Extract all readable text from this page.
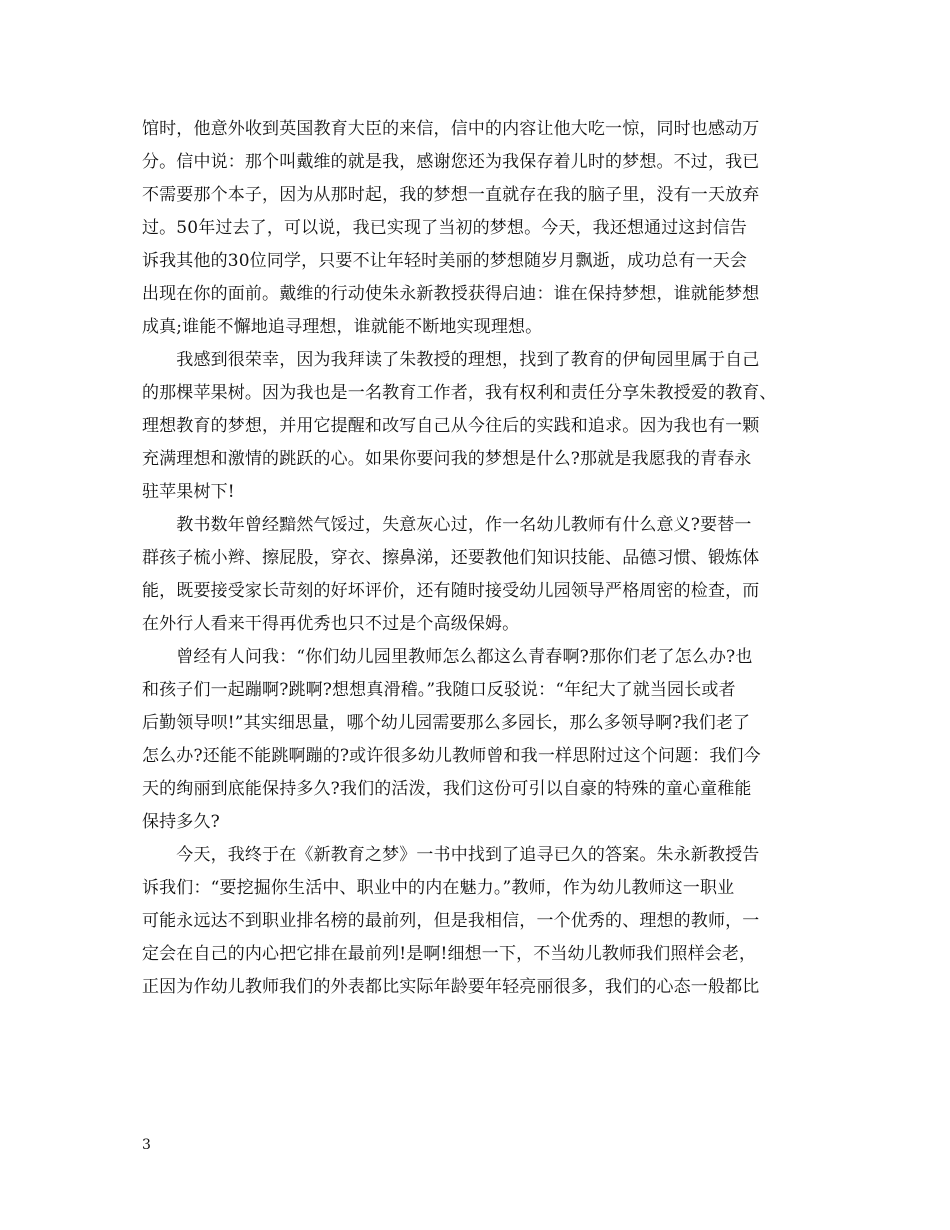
馆时，他意外收到英国教育大臣的来信，信中的内容让他大吃一惊，同时也感动万
分。信中说：那个叫戴维的就是我，感谢您还为我保存着儿时的梦想。不过，我已
不需要那个本子，因为从那时起，我的梦想一直就存在我的脑子里，没有一天放弃
过。50年过去了，可以说，我已实现了当初的梦想。今天，我还想通过这封信告
诉我其他的30位同学，只要不让年轻时美丽的梦想随岁月飘逝，成功总有一天会
出现在你的面前。戴维的行动使朱永新教授获得启迪：谁在保持梦想，谁就能梦想
成真;谁能不懈地追寻理想，谁就能不断地实现理想。
　　我感到很荣幸，因为我拜读了朱教授的理想，找到了教育的伊甸园里属于自己
的那棵苹果树。因为我也是一名教育工作者，我有权利和责任分享朱教授爱的教育、
理想教育的梦想，并用它提醒和改写自己从今往后的实践和追求。因为我也有一颗
充满理想和激情的跳跃的心。如果你要问我的梦想是什么?那就是我愿我的青春永
驻苹果树下!
　　教书数年曾经黯然气馁过，失意灰心过，作一名幼儿教师有什么意义?要替一
群孩子梳小辫、擦屁股，穿衣、擦鼻涕，还要教他们知识技能、品德习惯、锻炼体
能，既要接受家长苛刻的好坏评价，还有随时接受幼儿园领导严格周密的检查，而
在外行人看来干得再优秀也只不过是个高级保姆。
　　曾经有人问我：“你们幼儿园里教师怎么都这么青春啊?那你们老了怎么办?也
和孩子们一起蹦啊?跳啊?想想真滑稽。”我随口反驳说：“年纪大了就当园长或者
后勤领导呗!”其实细思量，哪个幼儿园需要那么多园长，那么多领导啊?我们老了
怎么办?还能不能跳啊蹦的?或许很多幼儿教师曾和我一样思附过这个问题：我们今
天的绚丽到底能保持多久?我们的活泼，我们这份可引以自豪的特殊的童心童稚能
保持多久?
　　今天，我终于在《新教育之梦》一书中找到了追寻已久的答案。朱永新教授告
诉我们：“要挖掘你生活中、职业中的内在魅力。”教师，作为幼儿教师这一职业
可能永远达不到职业排名榜的最前列，但是我相信，一个优秀的、理想的教师，一
定会在自己的内心把它排在最前列!是啊!细想一下，不当幼儿教师我们照样会老，
正因为作幼儿教师我们的外表都比实际年龄要年轻亮丽很多，我们的心态一般都比
3
